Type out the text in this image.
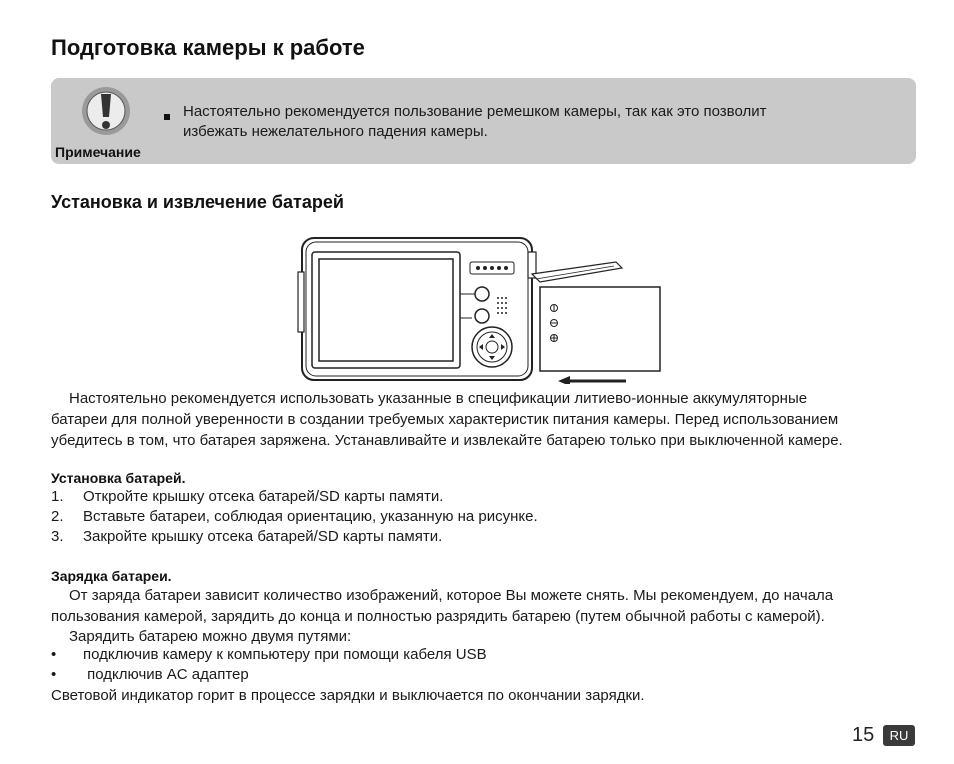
Подготовка камеры к работе
Примечание
Настоятельно рекомендуется пользование ремешком камеры, так как это позволит
избежать нежелательного падения камеры.
Установка и извлечение батарей

Настоятельно рекомендуется использовать указанные в спецификации литиево-ионные аккумуляторные
батареи для полной уверенности в создании требуемых характеристик питания камеры. Перед использованием
убедитесь в том, что батарея заряжена. Устанавливайте и извлекайте батарею только при выключенной камере.

Установка батарей.
1. Откройте крышку отсека батарей/SD карты памяти.
2. Вставьте батареи, соблюдая ориентацию, указанную на рисунке.
3. Закройте крышку отсека батарей/SD карты памяти.
Зарядка батареи.

От заряда батареи зависит количество изображений, которое Вы можете снять. Мы рекомендуем, до начала
пользования камерой, зарядить до конца и полностью разрядить батарею (путем обычной работы с камерой).

Зарядить батарею можно двумя путями:

• подключив камеру к компьютеру при помощи кабеля USB
• подключив AC адаптер

Световой индикатор горит в процессе зарядки и выключается по окончании зарядки.

15	RU
